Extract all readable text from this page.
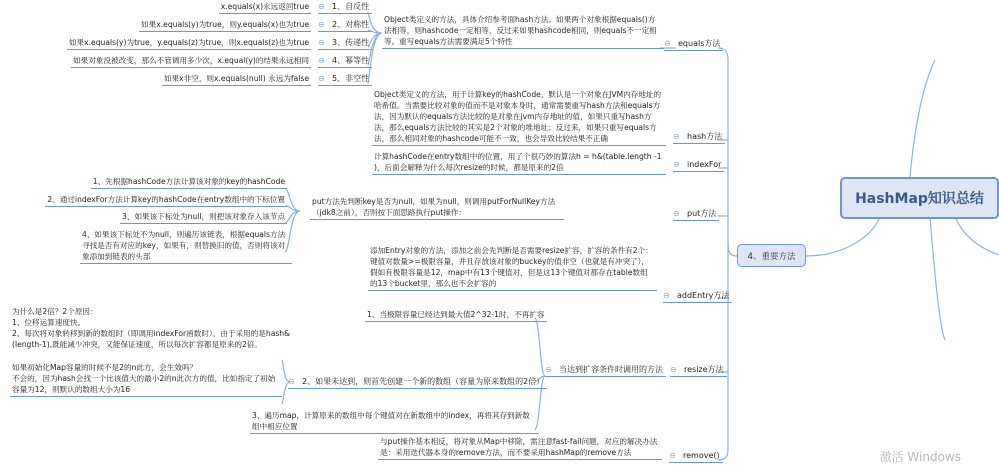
HashMap知识总结
4、重要方法
⊖ equals方法
Object类定义的方法，具体介绍参考面hash方法。如果两个对象根据equals()方法相等，则hashcode一定相等，反过来如果hashcode相同，则equals不一定相等。重写equals方法需要满足5个特性
⊖ 1、自反性
x.equals(x)永远返回true
⊖ 2、对称性
如果x.equals(y)为true，则y.equals(x)也为true
⊖ 3、传递性
如果x.equals(y)为true，y.equals(z)为true，则x.equals(z)也为true
⊖ 4、幂等性
如果对象没被改变，那么不管调用多少次，x.equal(y)的结果永远相同
⊖ 5、非空性
如果x非空，则x.equals(null) 永远为false
⊖ hash方法
Object类定义的方法，用于计算key的hashCode，默认是一个对象在JVM内存地址的哈希值。当需要比较对象的值而不是对象本身时，通常需要重写hash方法和equals方法，因为默认的equals方法比较的是对象在jvm内存地址的值，如果只重写hash方法，那么equals方法比较的其实是2个对象的堆地址；反过来，如果只重写equals方法，那么相同对象的hashcode可能不一致，也会导致比较结果不正确
⊖ indexFor
计算hashCode在entry数组中的位置，用了个很巧妙的算法h = h&(table.length -1 )，后面会解释为什么每次resize的时候，都是原来的2倍
⊖ put方法
put方法先判断key是否为null，如果为null，则调用putForNullKey方法（jdk8之前），否则按下面思路执行put操作：
1、先根据hashCode方法计算该对象的key的hashCode
2、通过indexFor方法计算key的hashCode在entry数组中的下标位置
3、如果该下标处为null，则把该对象存入该节点
4、如果该下标处不为null，则遍历该链表，根据equals方法寻找是否有对应的key，如果有，则替换旧的值，否则将该对象添加到链表的头部
⊖ addEntry方法
添加Entry对象的方法，添加之前会先判断是否需要resize扩容，扩容的条件有2个：键值对数量>=极限容量，并且存放该对象的buckey的值非空（也就是有冲突了），假如有极限容量是12，map中有13个键值对，但是这13个键值对都存在table数组的13个bucket里，那么也不会扩容的
⊖ resize方法
⊖ 当达到扩容条件时调用的方法
1、当极限容量已经达到最大值2^32-1时，不再扩容
⊖ 2、如果未达到，则首先创建一个新的数组（容量为原来数组的2倍）
3、遍历map，计算原来的数组中每个键值对在新数组中的index，再将其存到新数组中相应位置
为什么是2倍？2个原因：
1、位移运算速度快。
2、每次将对象转移到新的数组时（即调用indexFor函数时），由于采用的是hash&(length-1),既能减少冲突，又能保证速度，所以每次扩容都是原来的2倍。
如果初始化Map容量的时候不是2的n此方，会生效吗？
不会的，因为hash会找一个比该值大的最小2的n此次方的值，比如指定了初始容量为12，则默认的数组大小为16
⊖ remove()
与put操作基本相反，将对象从Map中移除，需注意fast-fail问题，对应的解决办法是：采用迭代器本身的remove方法，而不要采用hashMap的remove方法	激活 Windows
